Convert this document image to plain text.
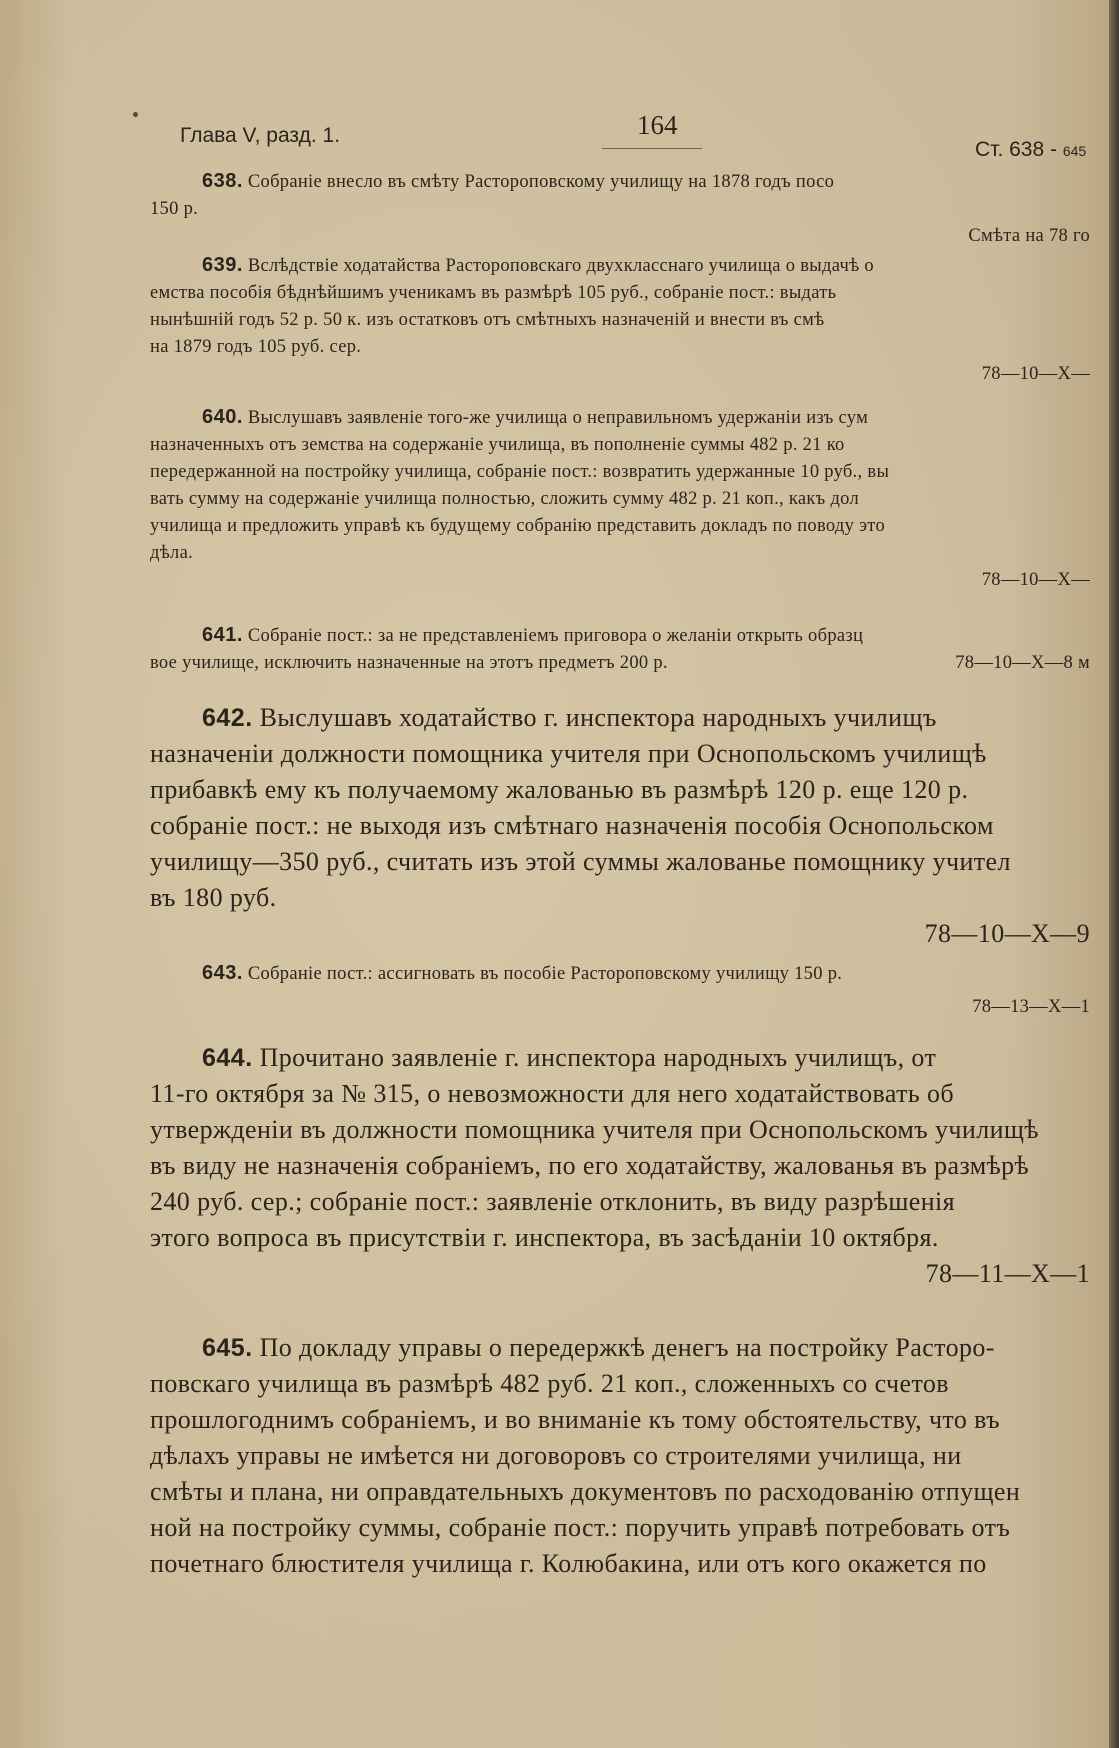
Глава V, разд. 1.	164
Ст. 638 - 645
638. Собраніе внесло въ смѣту Растороповскому училищу на 1878 годъ посо
150 р.
Смѣта на 78 го
639. Вслѣдствіе ходатайства Растороповскаго двухкласснаго училища о выдачѣ о
емства пособія бѣднѣйшимъ ученикамъ въ размѣрѣ 105 руб., собраніе пост.: выдать
нынѣшній годъ 52 р. 50 к. изъ остатковъ отъ смѣтныхъ назначеній и внести въ смѣ
на 1879 годъ 105 руб. сер.
78—10—Х—
640. Выслушавъ заявленіе того-же училища о неправильномъ удержаніи изъ сум
назначенныхъ отъ земства на содержаніе училища, въ пополненіе суммы 482 р. 21 ко
передержанной на постройку училища, собраніе пост.: возвратить удержанные 10 руб., вы
вать сумму на содержаніе училища полностью, сложить сумму 482 р. 21 коп., какъ дол
училища и предложить управѣ къ будущему собранію представить докладъ по поводу это
дѣла.
78—10—Х—
641. Собраніе пост.: за не представленіемъ приговора о желаніи открыть образц
вое училище, исключить назначенные на этотъ предметъ 200 р.	78—10—Х—8 м
642. Выслушавъ ходатайство г. инспектора народныхъ училищъ
назначеніи должности помощника учителя при Оснопольскомъ училищѣ
прибавкѣ ему къ получаемому жалованью въ размѣрѣ 120 р. еще 120 р.
собраніе пост.: не выходя изъ смѣтнаго назначенія пособія Оснопольском
училищу—350 руб., считать изъ этой суммы жалованье помощнику учител
въ 180 руб.
78—10—Х—9
643. Собраніе пост.: ассигновать въ пособіе Растороповскому училищу 150 р.
78—13—Х—1
644. Прочитано заявленіе г. инспектора народныхъ училищъ, от
11-го октября за № 315, о невозможности для него ходатайствовать об
утвержденіи въ должности помощника учителя при Оснопольскомъ училищѣ
въ виду не назначенія собраніемъ, по его ходатайству, жалованья въ размѣрѣ
240 руб. сер.; собраніе пост.: заявленіе отклонить, въ виду разрѣшенія
этого вопроса въ присутствіи г. инспектора, въ засѣданіи 10 октября.
78—11—Х—1
645. По докладу управы о передержкѣ денегъ на постройку Расторо-
повскаго училища въ размѣрѣ 482 руб. 21 коп., сложенныхъ со счетов
прошлогоднимъ собраніемъ, и во вниманіе къ тому обстоятельству, что въ
дѣлахъ управы не имѣется ни договоровъ со строителями училища, ни
смѣты и плана, ни оправдательныхъ документовъ по расходованію отпущен
ной на постройку суммы, собраніе пост.: поручить управѣ потребовать отъ
почетнаго блюстителя училища г. Колюбакина, или отъ кого окажется по
